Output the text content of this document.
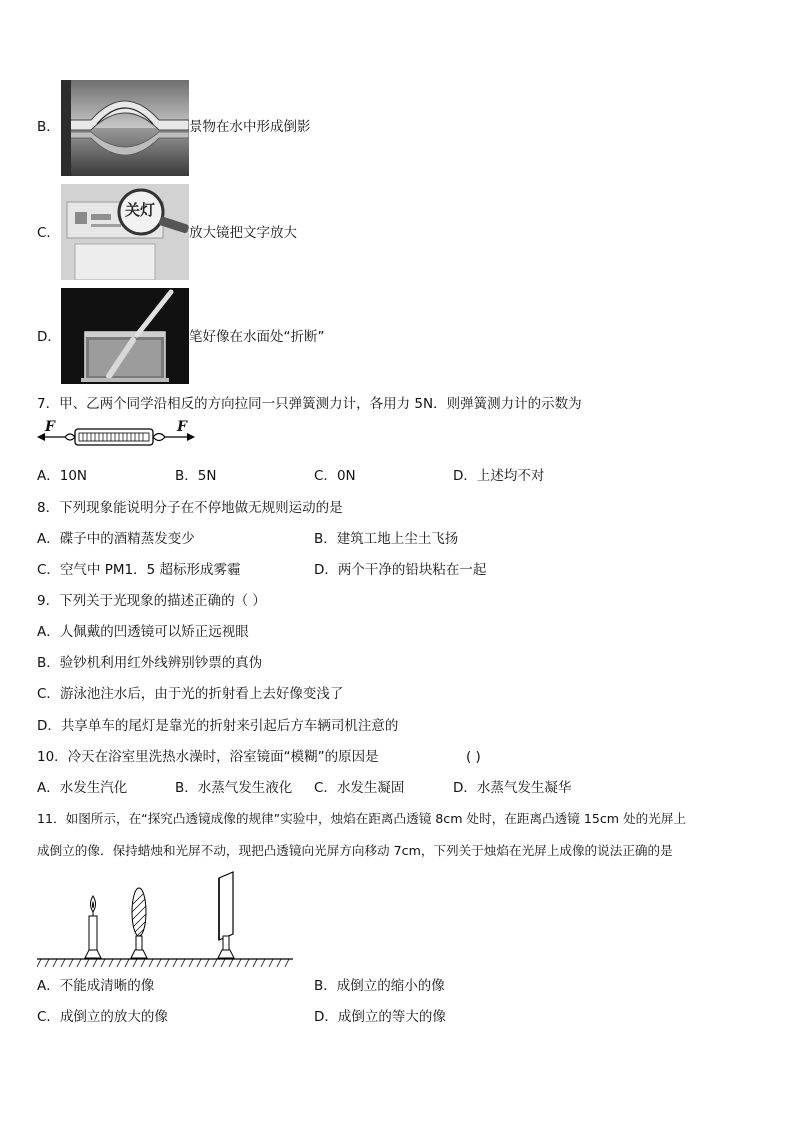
B．	景物在水中形成倒影
C．
关灯
放大镜把文字放大
D．	笔好像在水面处“折断”
7．甲、乙两个同学沿相反的方向拉同一只弹簧测力计，各用力 5N．则弹簧测力计的示数为
F	F
A．10N	B．5N	C．0N	D．上述均不对
8．下列现象能说明分子在不停地做无规则运动的是
A．碟子中的酒精蒸发变少	B．建筑工地上尘土飞扬
C．空气中 PM1．5 超标形成雾霾	D．两个干净的铅块粘在一起
9．下列关于光现象的描述正确的（ ）
A．人佩戴的凹透镜可以矫正远视眼
B．验钞机利用红外线辨别钞票的真伪
C．游泳池注水后，由于光的折射看上去好像变浅了
D．共享单车的尾灯是靠光的折射来引起后方车辆司机注意的
10．冷天在浴室里洗热水澡时，浴室镜面“模糊”的原因是	( )
A．水发生汽化	B．水蒸气发生液化 C．水发生凝固	D．水蒸气发生凝华
11．如图所示，在“探究凸透镜成像的规律”实验中，烛焰在距离凸透镜 8cm 处时，在距离凸透镜 15cm 处的光屏上
成倒立的像．保持蜡烛和光屏不动，现把凸透镜向光屏方向移动 7cm，下列关于烛焰在光屏上成像的说法正确的是
A．不能成清晰的像	B．成倒立的缩小的像
C．成倒立的放大的像	D．成倒立的等大的像
